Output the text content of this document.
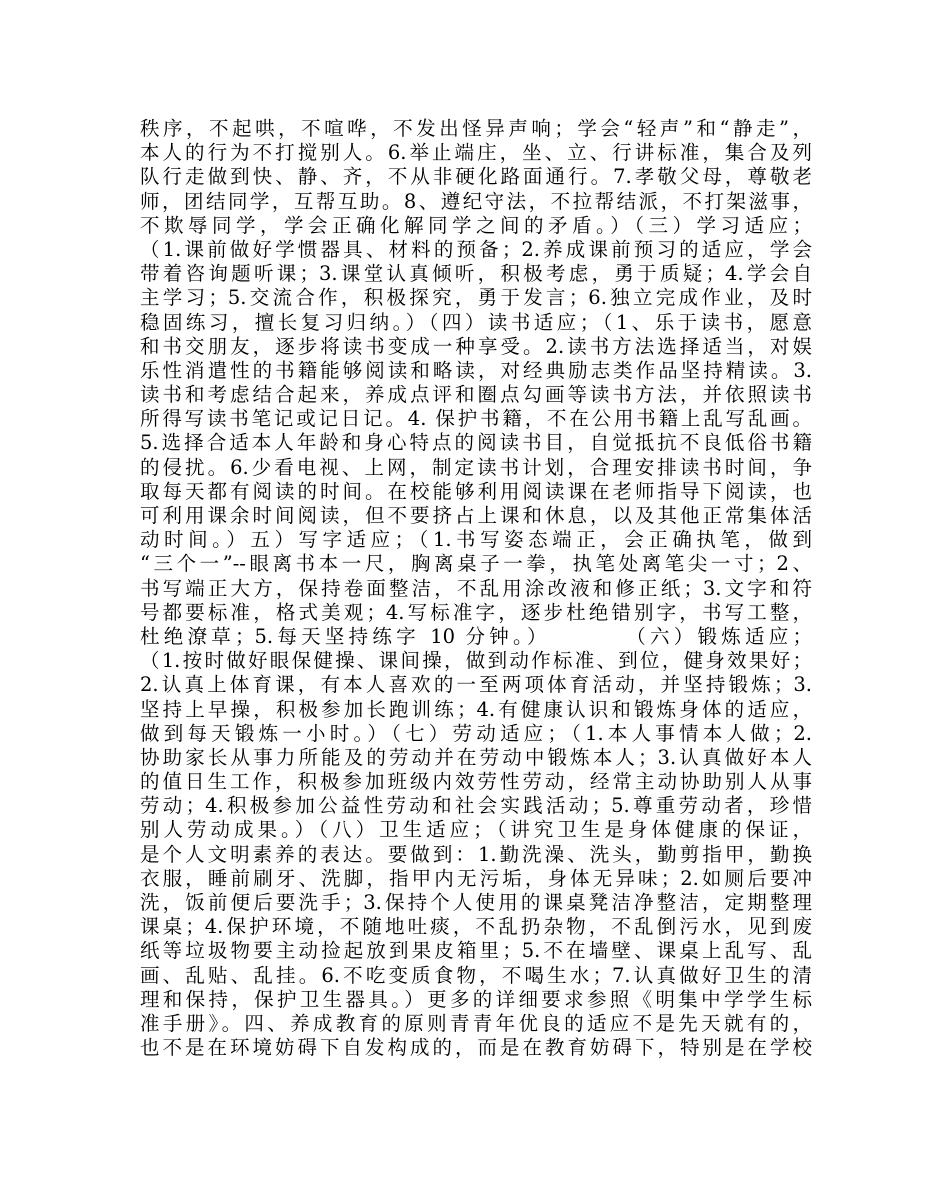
秩序，不起哄，不喧哗，不发出怪异声响；学会“轻声”和“静走”，
本人的行为不打搅别人。6.举止端庄，坐、立、行讲标准，集合及列
队行走做到快、静、齐，不从非硬化路面通行。7.孝敬父母，尊敬老
师，团结同学，互帮互助。8、遵纪守法，不拉帮结派，不打架滋事，
不欺辱同学，学会正确化解同学之间的矛盾。）（三）学习适应；
（1.课前做好学惯器具、材料的预备；2.养成课前预习的适应，学会
带着咨询题听课；3.课堂认真倾听，积极考虑，勇于质疑；4.学会自
主学习；5.交流合作，积极探究，勇于发言；6.独立完成作业，及时
稳固练习，擅长复习归纳。）（四）读书适应；（1、乐于读书，愿意
和书交朋友，逐步将读书变成一种享受。2.读书方法选择适当，对娱
乐性消遣性的书籍能够阅读和略读，对经典励志类作品坚持精读。3.
读书和考虑结合起来，养成点评和圈点勾画等读书方法，并依照读书
所得写读书笔记或记日记。4. 保护书籍，不在公用书籍上乱写乱画。
5.选择合适本人年龄和身心特点的阅读书目，自觉抵抗不良低俗书籍
的侵扰。6.少看电视、上网，制定读书计划，合理安排读书时间，争
取每天都有阅读的时间。在校能够利用阅读课在老师指导下阅读，也
可利用课余时间阅读，但不要挤占上课和休息，以及其他正常集体活
动时间。）五）写字适应；（1.书写姿态端正，会正确执笔，做到
“三个一”--眼离书本一尺，胸离桌子一拳，执笔处离笔尖一寸；2、
书写端正大方，保持卷面整洁，不乱用涂改液和修正纸；3.文字和符
号都要标准，格式美观；4.写标准字，逐步杜绝错别字，书写工整，
杜绝潦草；5.每天坚持练字 10 分钟。）　　　　（六）锻炼适应；
（1.按时做好眼保健操、课间操，做到动作标准、到位，健身效果好；
2.认真上体育课，有本人喜欢的一至两项体育活动，并坚持锻炼；3.
坚持上早操，积极参加长跑训练；4.有健康认识和锻炼身体的适应，
做到每天锻炼一小时。）（七）劳动适应；（1.本人事情本人做；2.
协助家长从事力所能及的劳动并在劳动中锻炼本人；3.认真做好本人
的值日生工作，积极参加班级内效劳性劳动，经常主动协助别人从事
劳动；4.积极参加公益性劳动和社会实践活动；5.尊重劳动者，珍惜
别人劳动成果。）（八）卫生适应；（讲究卫生是身体健康的保证，
是个人文明素养的表达。要做到：1.勤洗澡、洗头，勤剪指甲，勤换
衣服，睡前刷牙、洗脚，指甲内无污垢，身体无异味；2.如厕后要冲
洗，饭前便后要洗手；3.保持个人使用的课桌凳洁净整洁，定期整理
课桌；4.保护环境，不随地吐痰，不乱扔杂物，不乱倒污水，见到废
纸等垃圾物要主动捡起放到果皮箱里；5.不在墙壁、课桌上乱写、乱
画、乱贴、乱挂。6.不吃变质食物，不喝生水；7.认真做好卫生的清
理和保持，保护卫生器具。）更多的详细要求参照《明集中学学生标
准手册》。四、养成教育的原则青青年优良的适应不是先天就有的，
也不是在环境妨碍下自发构成的，而是在教育妨碍下，特别是在学校
